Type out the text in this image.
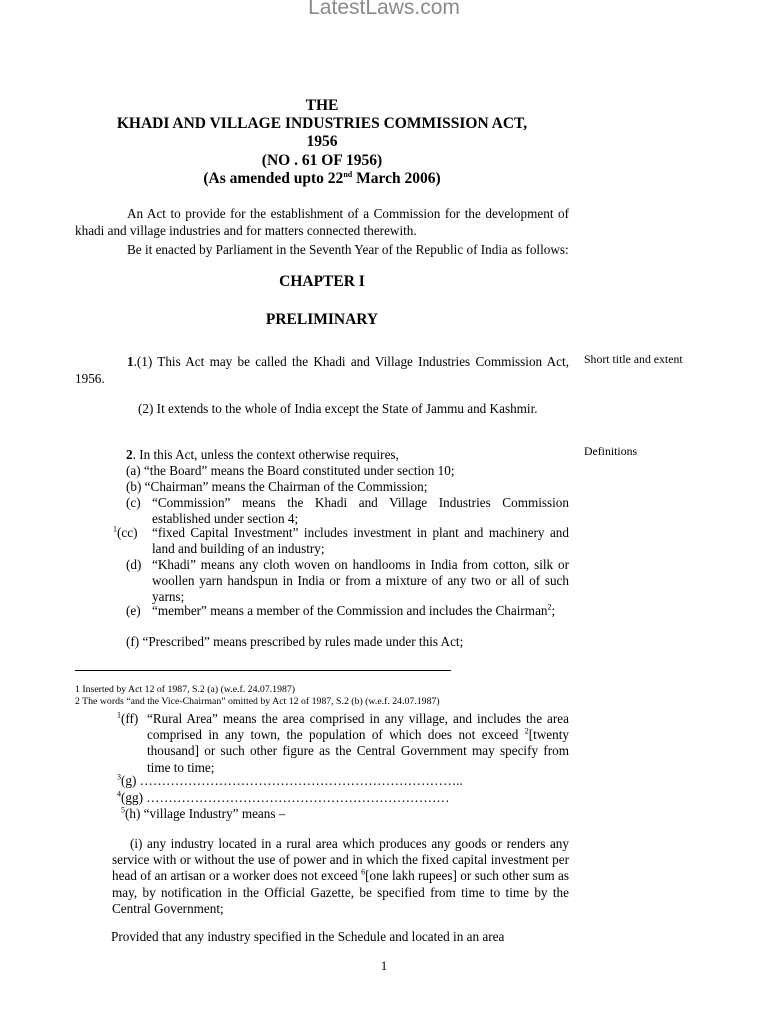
LatestLaws.com
THE
KHADI AND VILLAGE INDUSTRIES COMMISSION ACT,
1956
(NO . 61 OF 1956)
(As amended upto 22nd March 2006)
An Act to provide for the establishment of a Commission for the development of khadi and village industries and for matters connected therewith.
Be it enacted by Parliament in the Seventh Year of the Republic of India as follows:
CHAPTER I
PRELIMINARY
Short title and extent
Definitions
1.(1) This Act may be called the Khadi and Village Industries Commission Act, 1956.
(2) It extends to the whole of India except the State of Jammu and Kashmir.
2. In this Act, unless the context otherwise requires,
(a) “the Board” means the Board constituted under section 10;
(b) “Chairman” means the Chairman of the Commission;
(c) “Commission” means the Khadi and Village Industries Commission established under section 4;
$^1$(cc) “fixed Capital Investment” includes investment in plant and machinery and land and building of an industry;
(d) “Khadi” means any cloth woven on handlooms in India from cotton, silk or woollen yarn handspun in India or from a mixture of any two or all of such yarns;
(e) “member” means a member of the Commission and includes the Chairman$^2$;
(f) “Prescribed” means prescribed by rules made under this Act;
1 Inserted by Act 12 of 1987, S.2 (a) (w.e.f. 24.07.1987)
2 The words “and the Vice-Chairman” omitted by Act 12 of 1987, S.2 (b) (w.e.f. 24.07.1987)
$^1$(ff) “Rural Area” means the area comprised in any village, and includes the area comprised in any town, the population of which does not exceed $^2$[twenty thousand] or such other figure as the Central Government may specify from time to time;
$^3$(g) ………………………………………………………………..
$^4$(gg) ……………………………………………………………
$^5$(h) “village Industry” means –
(i) any industry located in a rural area which produces any goods or renders any service with or without the use of power and in which the fixed capital investment per head of an artisan or a worker does not exceed $^6$[one lakh rupees] or such other sum as may, by notification in the Official Gazette, be specified from time to time by the Central Government;
Provided that any industry specified in the Schedule and located in an area
1
